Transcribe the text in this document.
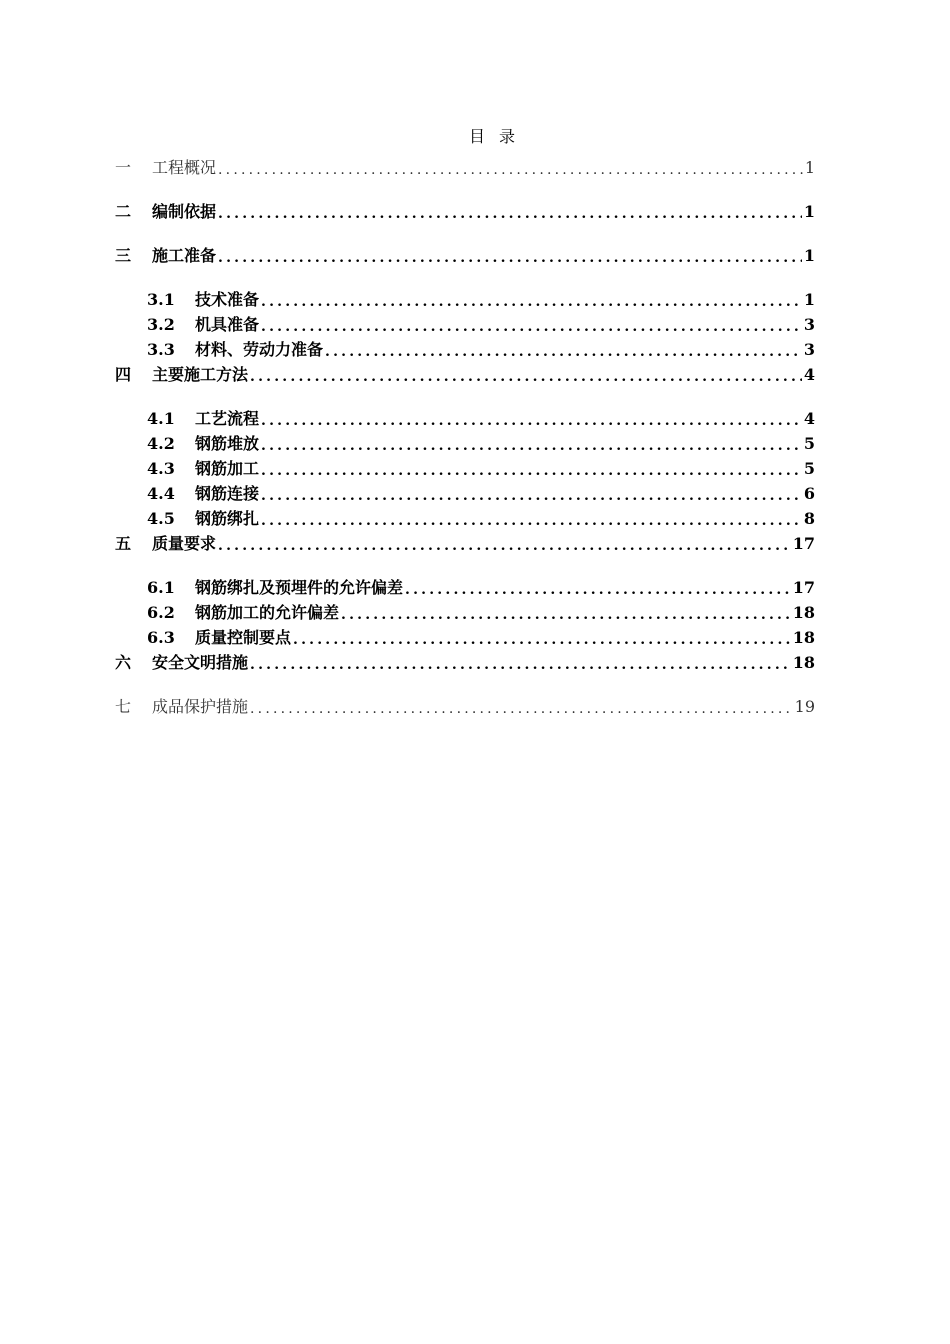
目录
一	工程概况 .....	1
二	编制依据 .....	1
三	施工准备 .....	1
3.1	技术准备 .....	1
3.2	机具准备 .....	3
3.3	材料、劳动力准备 .....	3
四	主要施工方法 .....	4
4.1	工艺流程 .....	4
4.2	钢筋堆放 .....	5
4.3	钢筋加工 .....	5
4.4	钢筋连接 .....	6
4.5	钢筋绑扎 .....	8
五	质量要求 .....	17
6.1	钢筋绑扎及预埋件的允许偏差 .....	17
6.2	钢筋加工的允许偏差 .....	18
6.3	质量控制要点 .....	18
六	安全文明措施 .....	18
七	成品保护措施 .....	19
